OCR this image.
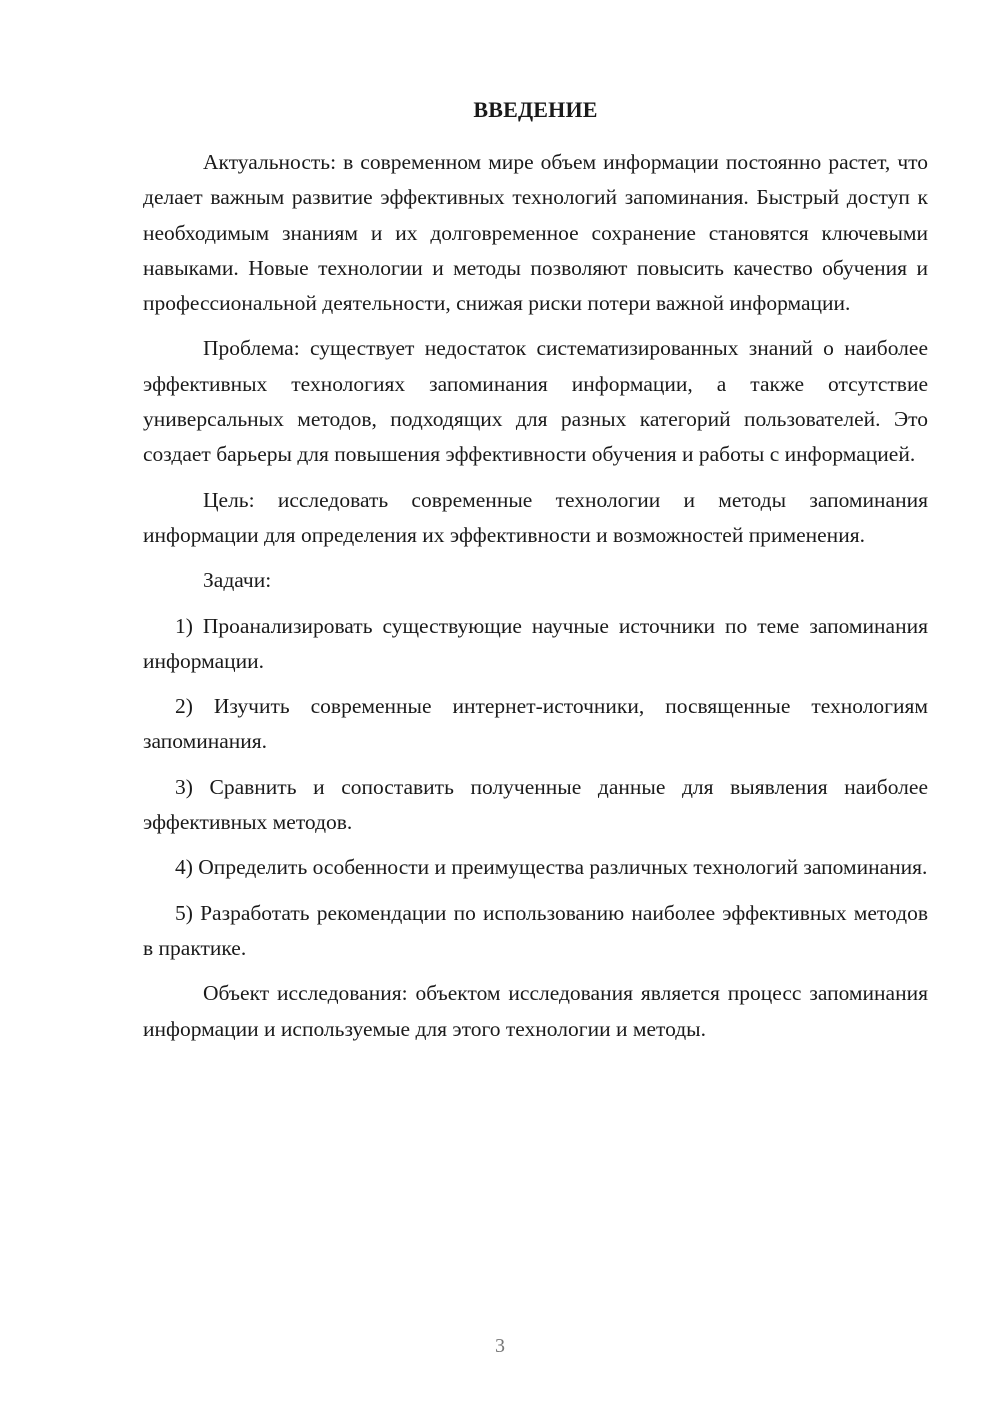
ВВЕДЕНИЕ

Актуальность: в современном мире объем информации постоянно растет, что делает важным развитие эффективных технологий запоминания. Быстрый доступ к необходимым знаниям и их долговременное сохранение становятся ключевыми навыками. Новые технологии и методы позволяют повысить качество обучения и профессиональной деятельности, снижая риски потери важной информации.

Проблема: существует недостаток систематизированных знаний о наиболее эффективных технологиях запоминания информации, а также отсутствие универсальных методов, подходящих для разных категорий пользователей. Это создает барьеры для повышения эффективности обучения и работы с информацией.

Цель: исследовать современные технологии и методы запоминания информации для определения их эффективности и возможностей применения.

Задачи:

1) Проанализировать существующие научные источники по теме запоминания информации.

2) Изучить современные интернет-источники, посвященные технологиям запоминания.

3) Сравнить и сопоставить полученные данные для выявления наиболее эффективных методов.

4) Определить особенности и преимущества различных технологий запоминания.

5) Разработать рекомендации по использованию наиболее эффективных методов в практике.

Объект исследования: объектом исследования является процесс запоминания информации и используемые для этого технологии и методы.

3
